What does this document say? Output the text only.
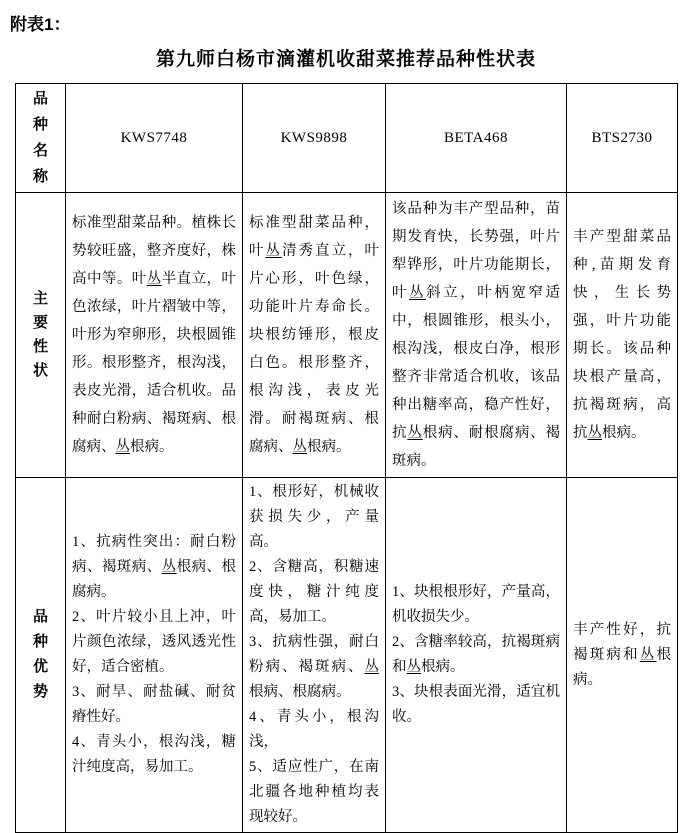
附表1：
第九师白杨市滴灌机收甜菜推荐品种性状表
品种名称	KWS7748	KWS9898	BETA468	BTS2730
主要性状	标准型甜菜品种。植株长势较旺盛，整齐度好，株高中等。叶丛半直立，叶色浓绿，叶片褶皱中等，叶形为窄卵形，块根圆锥形。根形整齐，根沟浅，表皮光滑，适合机收。品种耐白粉病、褐斑病、根腐病、丛根病。	标准型甜菜品种，叶丛清秀直立，叶片心形，叶色绿，功能叶片寿命长。块根纺锤形，根皮白色。根形整齐，根沟浅，表皮光滑。耐褐斑病、根腐病、丛根病。	该品种为丰产型品种，苗期发育快，长势强，叶片犁铧形，叶片功能期长，叶丛斜立，叶柄宽窄适中，根圆锥形，根头小，根沟浅，根皮白净，根形整齐非常适合机收，该品种出糖率高，稳产性好，抗丛根病、耐根腐病、褐斑病。	丰产型甜菜品种,苗期发育快，生长势强，叶片功能期长。该品种块根产量高，抗褐斑病，高抗丛根病。
品种优势	1、抗病性突出：耐白粉病、褐斑病、丛根病、根腐病。
2、叶片较小且上冲，叶片颜色浓绿，透风透光性好，适合密植。
3、耐旱、耐盐碱、耐贫瘠性好。
4、青头小，根沟浅，糖汁纯度高，易加工。	1、根形好，机械收获损失少，产量高。
2、含糖高，积糖速度快，糖汁纯度高，易加工。
3、抗病性强，耐白粉病、褐斑病、丛根病、根腐病。
4、青头小，根沟浅，
5、适应性广，在南北疆各地种植均表现较好。	1、块根根形好，产量高，机收损失少。
2、含糖率较高，抗褐斑病和丛根病。
3、块根表面光滑，适宜机收。	丰产性好，抗褐斑病和丛根病。
